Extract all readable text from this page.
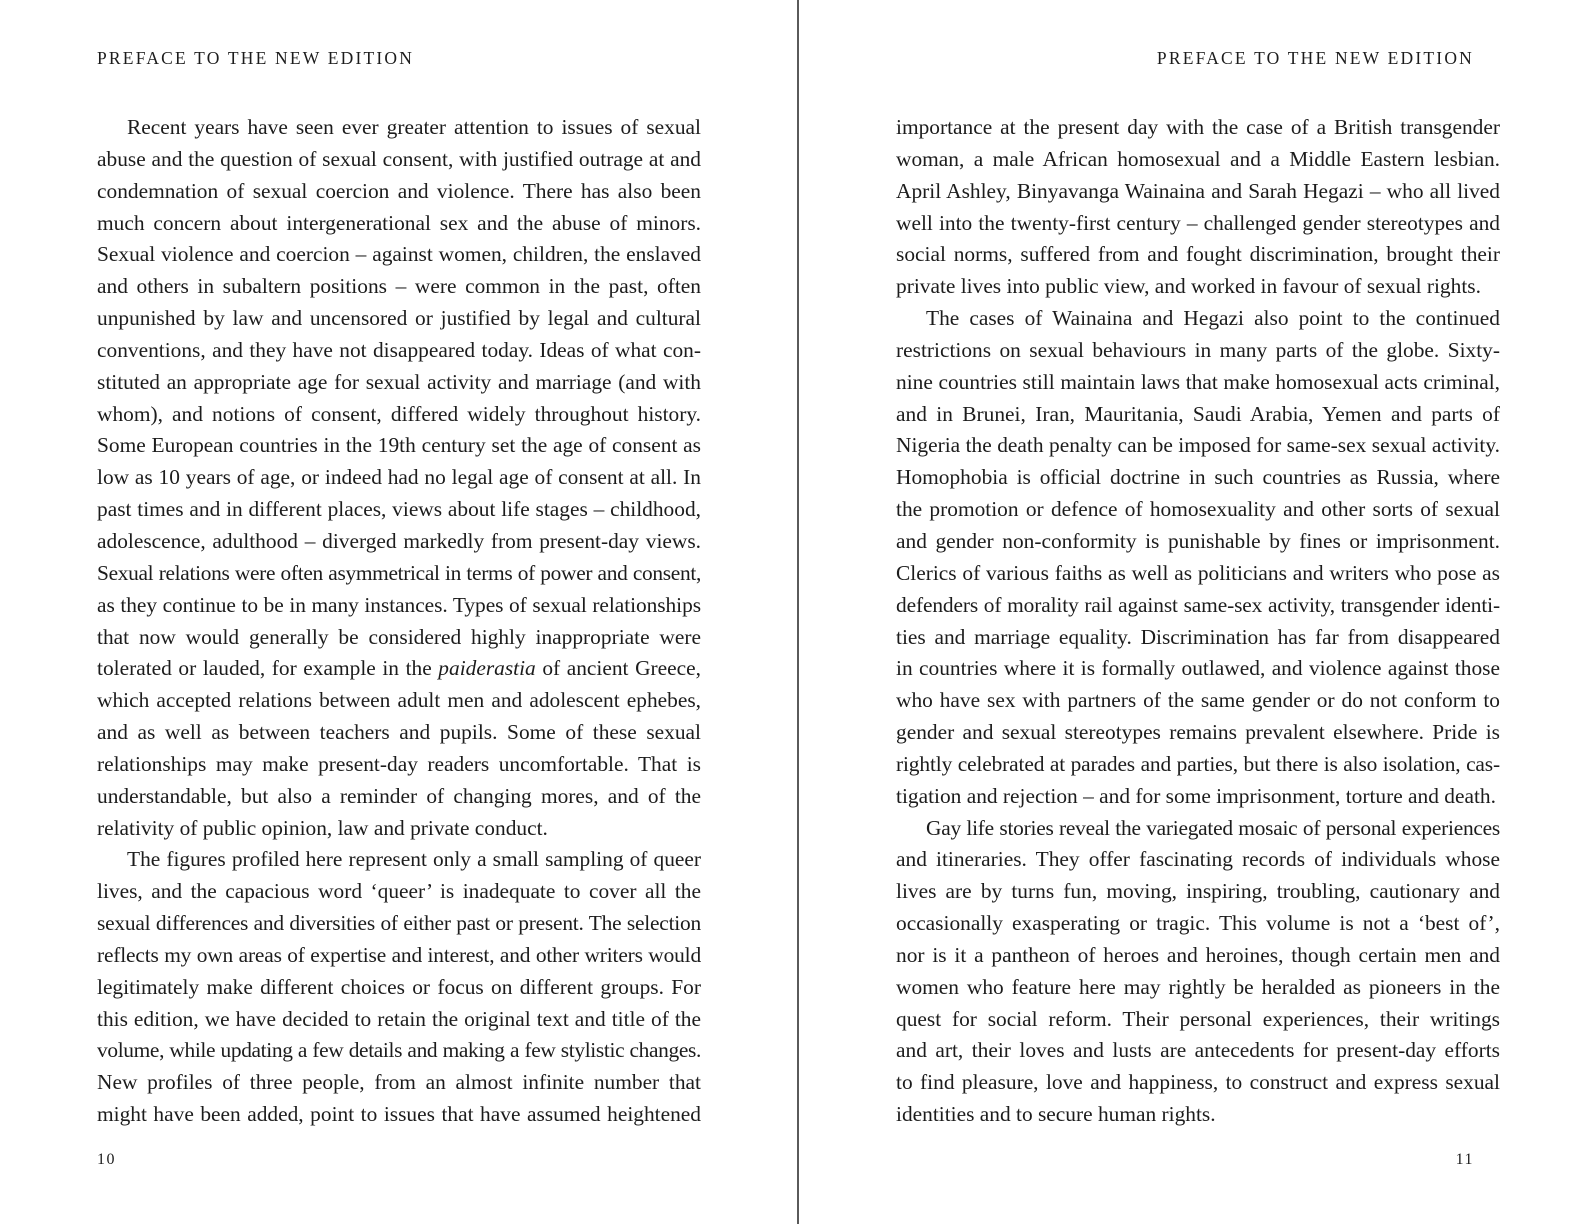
PREFACE TO THE NEW EDITION
Recent years have seen ever greater attention to issues of sexual
abuse and the question of sexual consent, with justified outrage at and
condemnation of sexual coercion and violence. There has also been
much concern about intergenerational sex and the abuse of minors.
Sexual violence and coercion – against women, children, the enslaved
and others in subaltern positions – were common in the past, often
unpunished by law and uncensored or justified by legal and cultural
conventions, and they have not disappeared today. Ideas of what con-
stituted an appropriate age for sexual activity and marriage (and with
whom), and notions of consent, differed widely throughout history.
Some European countries in the 19th century set the age of consent as
low as 10 years of age, or indeed had no legal age of consent at all. In
past times and in different places, views about life stages – childhood,
adolescence, adulthood – diverged markedly from present-day views.
Sexual relations were often asymmetrical in terms of power and consent,
as they continue to be in many instances. Types of sexual relationships
that now would generally be considered highly inappropriate were
tolerated or lauded, for example in the paiderastia of ancient Greece,
which accepted relations between adult men and adolescent ephebes,
and as well as between teachers and pupils. Some of these sexual
relationships may make present-day readers uncomfortable. That is
understandable, but also a reminder of changing mores, and of the
relativity of public opinion, law and private conduct.
The figures profiled here represent only a small sampling of queer
lives, and the capacious word ‘queer’ is inadequate to cover all the
sexual differences and diversities of either past or present. The selection
reflects my own areas of expertise and interest, and other writers would
legitimately make different choices or focus on different groups. For
this edition, we have decided to retain the original text and title of the
volume, while updating a few details and making a few stylistic changes.
New profiles of three people, from an almost infinite number that
might have been added, point to issues that have assumed heightened
10
PREFACE TO THE NEW EDITION
importance at the present day with the case of a British transgender
woman, a male African homosexual and a Middle Eastern lesbian.
April Ashley, Binyavanga Wainaina and Sarah Hegazi – who all lived
well into the twenty-first century – challenged gender stereotypes and
social norms, suffered from and fought discrimination, brought their
private lives into public view, and worked in favour of sexual rights.
The cases of Wainaina and Hegazi also point to the continued
restrictions on sexual behaviours in many parts of the globe. Sixty-
nine countries still maintain laws that make homosexual acts criminal,
and in Brunei, Iran, Mauritania, Saudi Arabia, Yemen and parts of
Nigeria the death penalty can be imposed for same-sex sexual activity.
Homophobia is official doctrine in such countries as Russia, where
the promotion or defence of homosexuality and other sorts of sexual
and gender non-conformity is punishable by fines or imprisonment.
Clerics of various faiths as well as politicians and writers who pose as
defenders of morality rail against same-sex activity, transgender identi-
ties and marriage equality. Discrimination has far from disappeared
in countries where it is formally outlawed, and violence against those
who have sex with partners of the same gender or do not conform to
gender and sexual stereotypes remains prevalent elsewhere. Pride is
rightly celebrated at parades and parties, but there is also isolation, cas-
tigation and rejection – and for some imprisonment, torture and death.
Gay life stories reveal the variegated mosaic of personal experiences
and itineraries. They offer fascinating records of individuals whose
lives are by turns fun, moving, inspiring, troubling, cautionary and
occasionally exasperating or tragic. This volume is not a ‘best of’,
nor is it a pantheon of heroes and heroines, though certain men and
women who feature here may rightly be heralded as pioneers in the
quest for social reform. Their personal experiences, their writings
and art, their loves and lusts are antecedents for present-day efforts
to find pleasure, love and happiness, to construct and express sexual
identities and to secure human rights.
11
